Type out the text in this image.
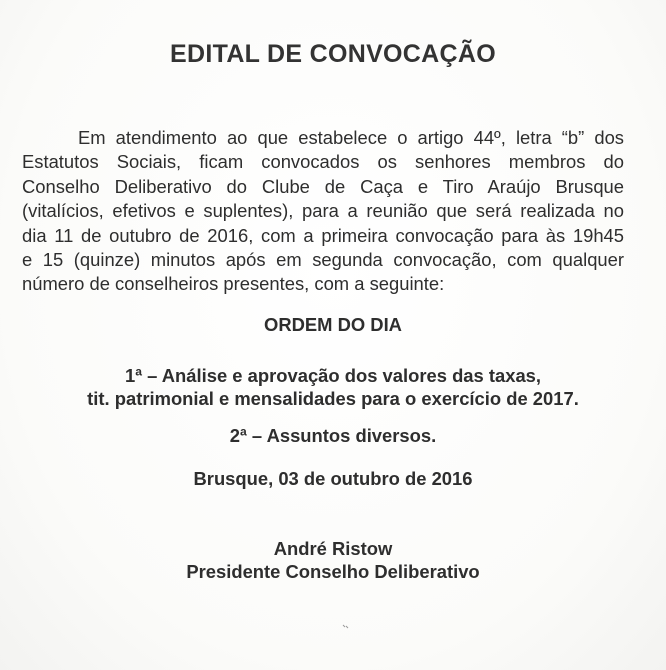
EDITAL DE CONVOCAÇÃO
Em atendimento ao que estabelece o artigo 44º, letra “b” dos
Estatutos Sociais, ficam convocados os senhores membros do
Conselho Deliberativo do Clube de Caça e Tiro Araújo Brusque
(vitalícios, efetivos e suplentes), para a reunião que será realizada no
dia 11 de outubro de 2016, com a primeira convocação para às 19h45
e 15 (quinze) minutos após em segunda convocação, com qualquer
número de conselheiros presentes, com a seguinte:
ORDEM DO DIA
1ª – Análise e aprovação dos valores das taxas,
tit. patrimonial e mensalidades para o exercício de 2017.
2ª – Assuntos diversos.
Brusque, 03 de outubro de 2016
André Ristow
Presidente Conselho Deliberativo
